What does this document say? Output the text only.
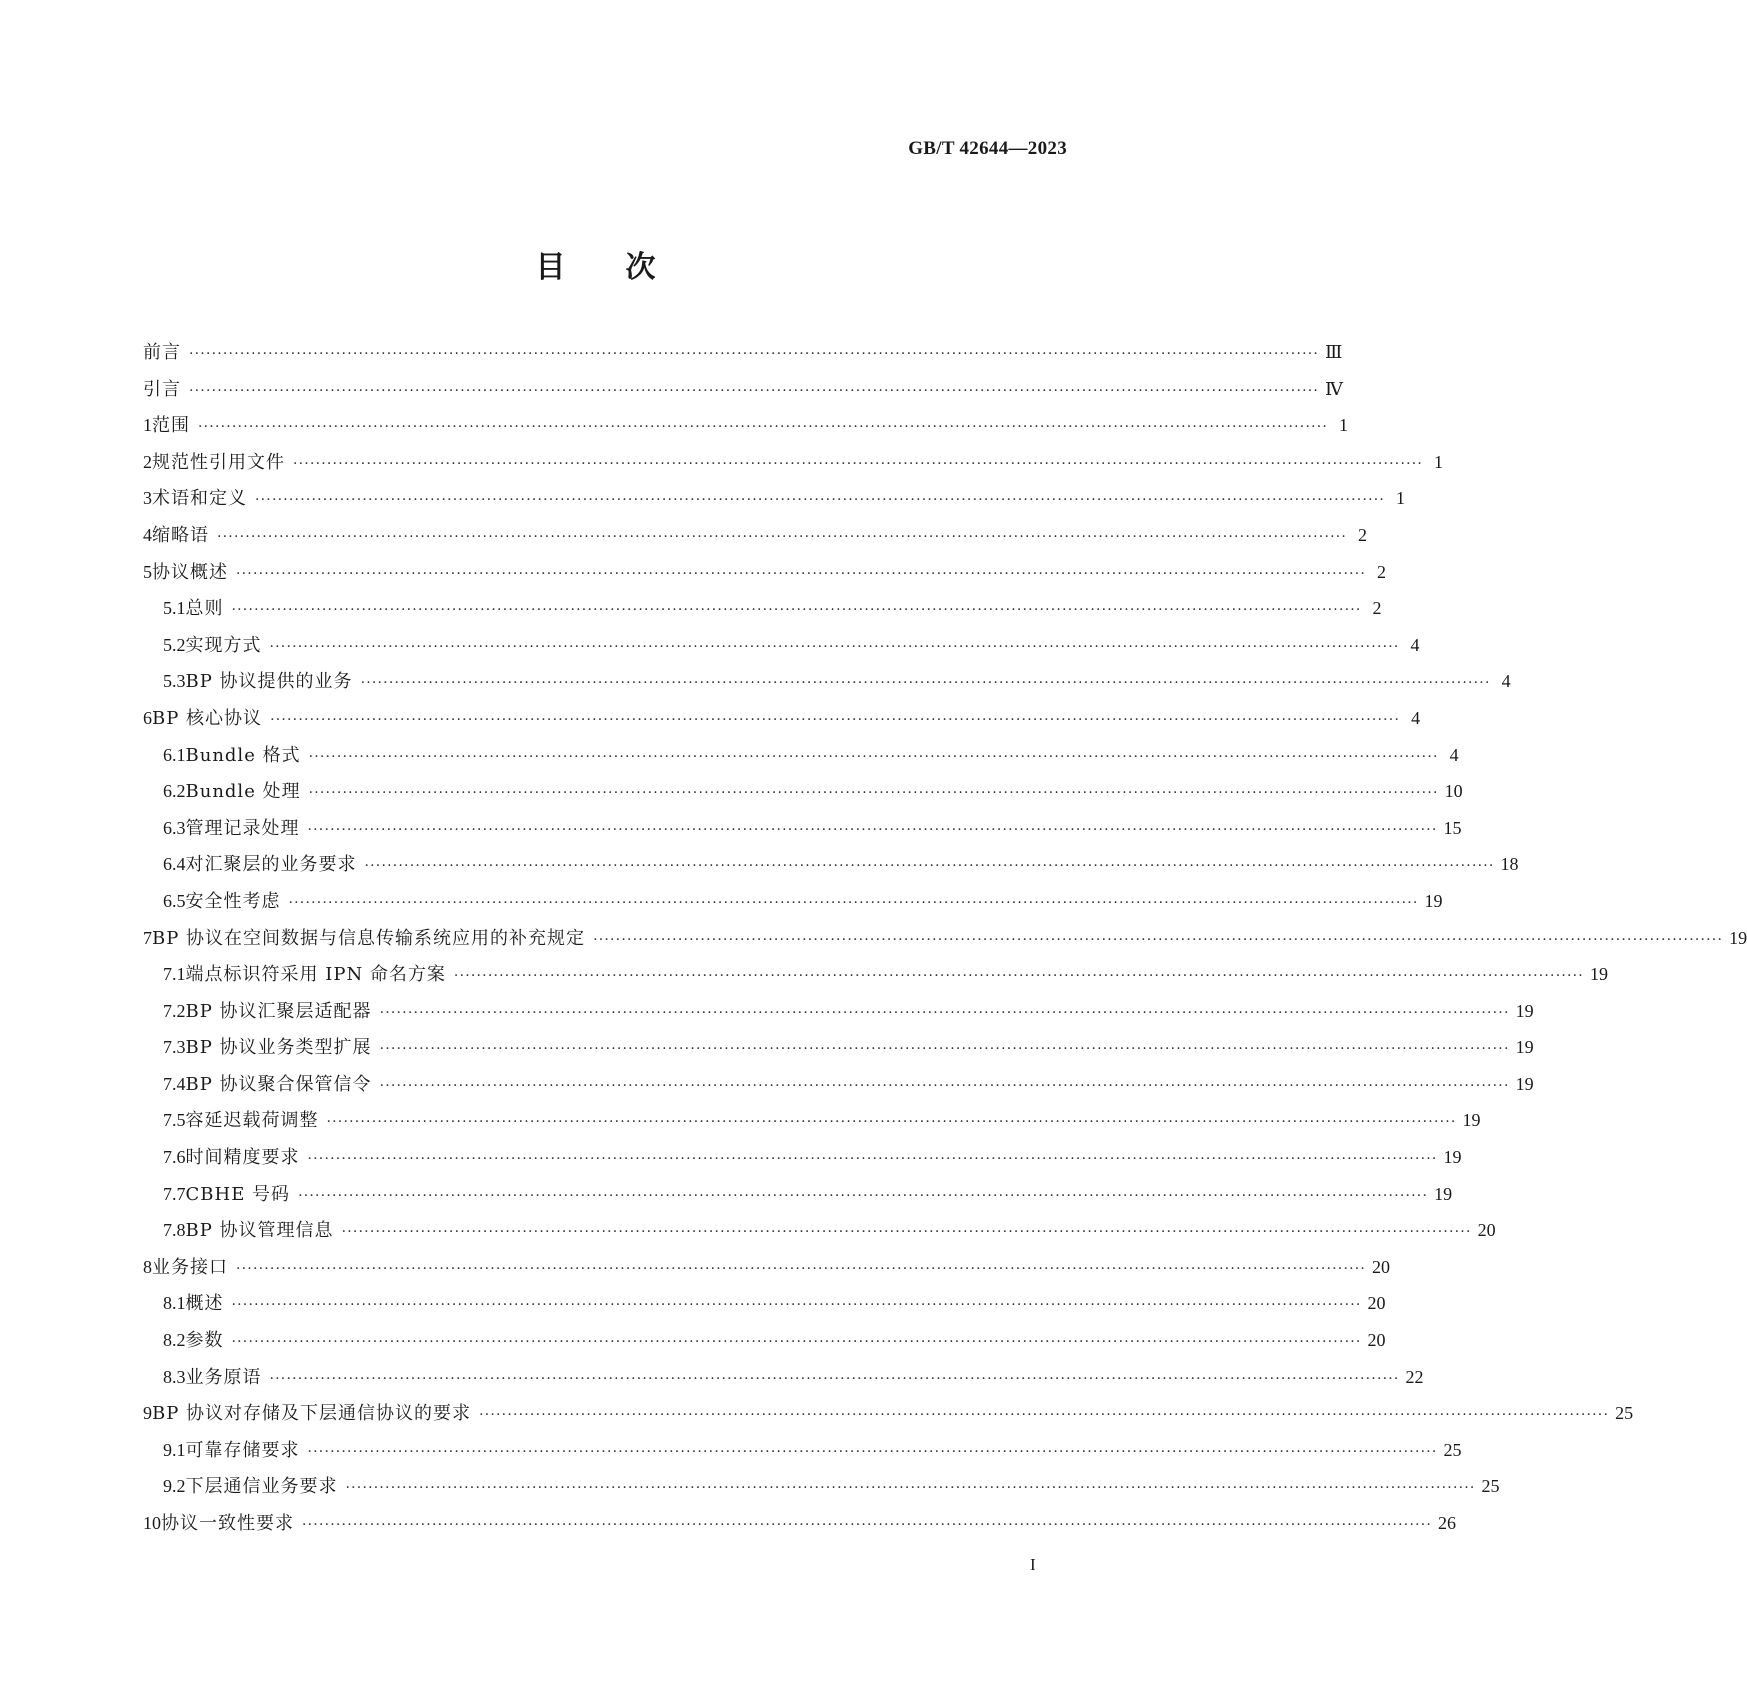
GB/T 42644—2023
目次
前言 ········································································································································································································ Ⅲ
引言 ········································································································································································································ Ⅳ
1 范围 ········································································································································································································ 1
2 规范性引用文件 ········································································································································································································ 1
3 术语和定义 ········································································································································································································ 1
4 缩略语 ········································································································································································································ 2
5 协议概述 ········································································································································································································ 2
5.1 总则 ········································································································································································································ 2
5.2 实现方式 ········································································································································································································ 4
5.3 BP 协议提供的业务 ········································································································································································································ 4
6 BP 核心协议 ········································································································································································································ 4
6.1 Bundle 格式 ········································································································································································································ 4
6.2 Bundle 处理 ········································································································································································································ 10
6.3 管理记录处理 ········································································································································································································ 15
6.4 对汇聚层的业务要求 ········································································································································································································ 18
6.5 安全性考虑 ········································································································································································································ 19
7 BP 协议在空间数据与信息传输系统应用的补充规定 ········································································································································································································ 19
7.1 端点标识符采用 IPN 命名方案 ········································································································································································································ 19
7.2 BP 协议汇聚层适配器 ········································································································································································································ 19
7.3 BP 协议业务类型扩展 ········································································································································································································ 19
7.4 BP 协议聚合保管信令 ········································································································································································································ 19
7.5 容延迟载荷调整 ········································································································································································································ 19
7.6 时间精度要求 ········································································································································································································ 19
7.7 CBHE 号码 ········································································································································································································ 19
7.8 BP 协议管理信息 ········································································································································································································ 20
8 业务接口 ········································································································································································································ 20
8.1 概述 ········································································································································································································ 20
8.2 参数 ········································································································································································································ 20
8.3 业务原语 ········································································································································································································ 22
9 BP 协议对存储及下层通信协议的要求 ········································································································································································································ 25
9.1 可靠存储要求 ········································································································································································································ 25
9.2 下层通信业务要求 ········································································································································································································ 25
10 协议一致性要求 ········································································································································································································ 26
I
